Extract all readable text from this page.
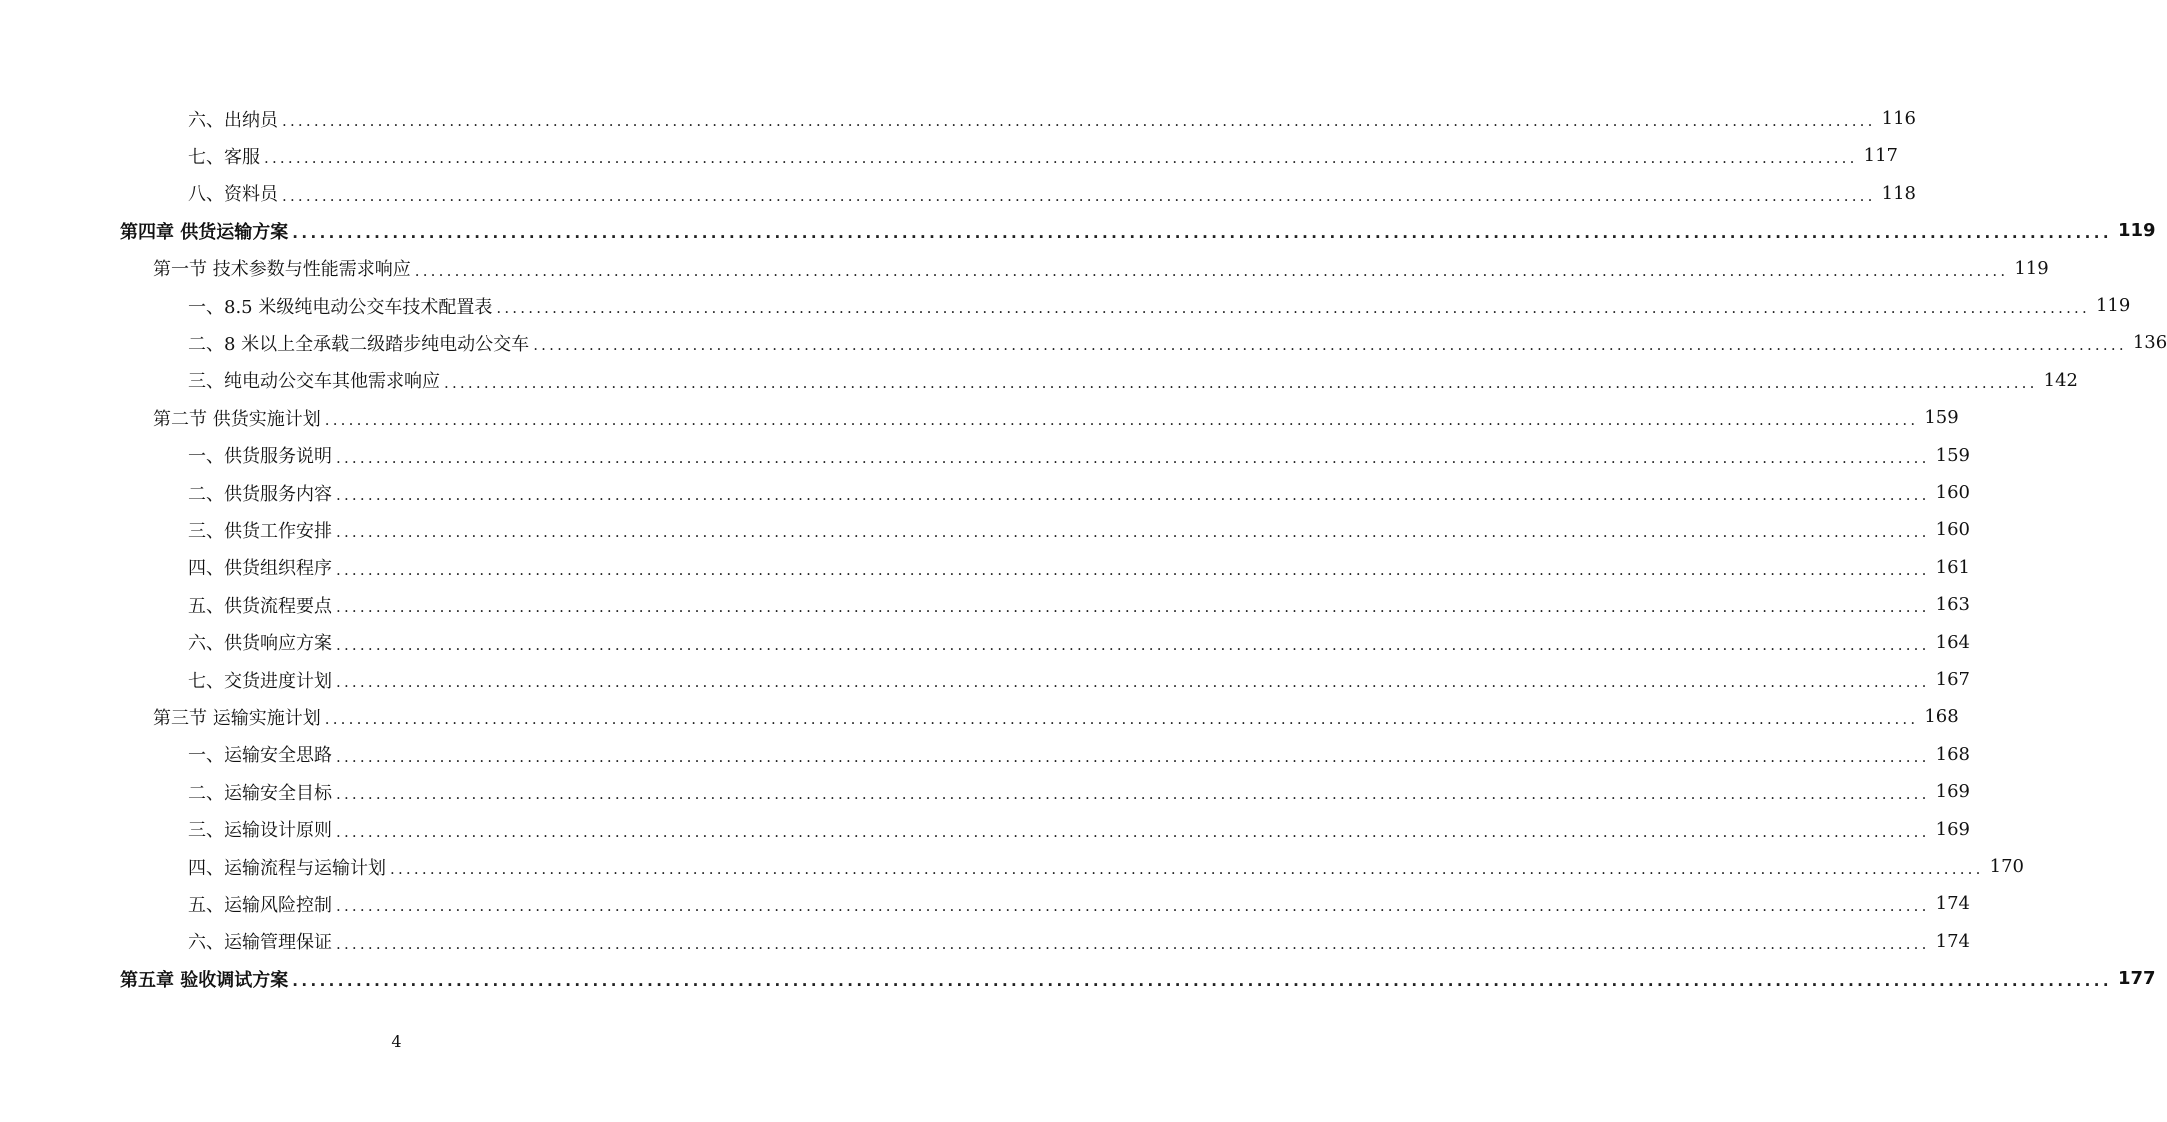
六、出纳员 ........................................................................................................................................................................................................ 116
七、客服 ........................................................................................................................................................................................................ 117
八、资料员 ........................................................................................................................................................................................................ 118
第四章 供货运输方案 ........................................................................................................................................................................................................ 119
第一节 技术参数与性能需求响应 ........................................................................................................................................................................................................ 119
一、8.5 米级纯电动公交车技术配置表 ........................................................................................................................................................................................................ 119
二、8 米以上全承载二级踏步纯电动公交车 ........................................................................................................................................................................................................ 136
三、纯电动公交车其他需求响应 ........................................................................................................................................................................................................ 142
第二节 供货实施计划 ........................................................................................................................................................................................................ 159
一、供货服务说明 ........................................................................................................................................................................................................ 159
二、供货服务内容 ........................................................................................................................................................................................................ 160
三、供货工作安排 ........................................................................................................................................................................................................ 160
四、供货组织程序 ........................................................................................................................................................................................................ 161
五、供货流程要点 ........................................................................................................................................................................................................ 163
六、供货响应方案 ........................................................................................................................................................................................................ 164
七、交货进度计划 ........................................................................................................................................................................................................ 167
第三节 运输实施计划 ........................................................................................................................................................................................................ 168
一、运输安全思路 ........................................................................................................................................................................................................ 168
二、运输安全目标 ........................................................................................................................................................................................................ 169
三、运输设计原则 ........................................................................................................................................................................................................ 169
四、运输流程与运输计划 ........................................................................................................................................................................................................ 170
五、运输风险控制 ........................................................................................................................................................................................................ 174
六、运输管理保证 ........................................................................................................................................................................................................ 174
第五章 验收调试方案 ........................................................................................................................................................................................................ 177
4
